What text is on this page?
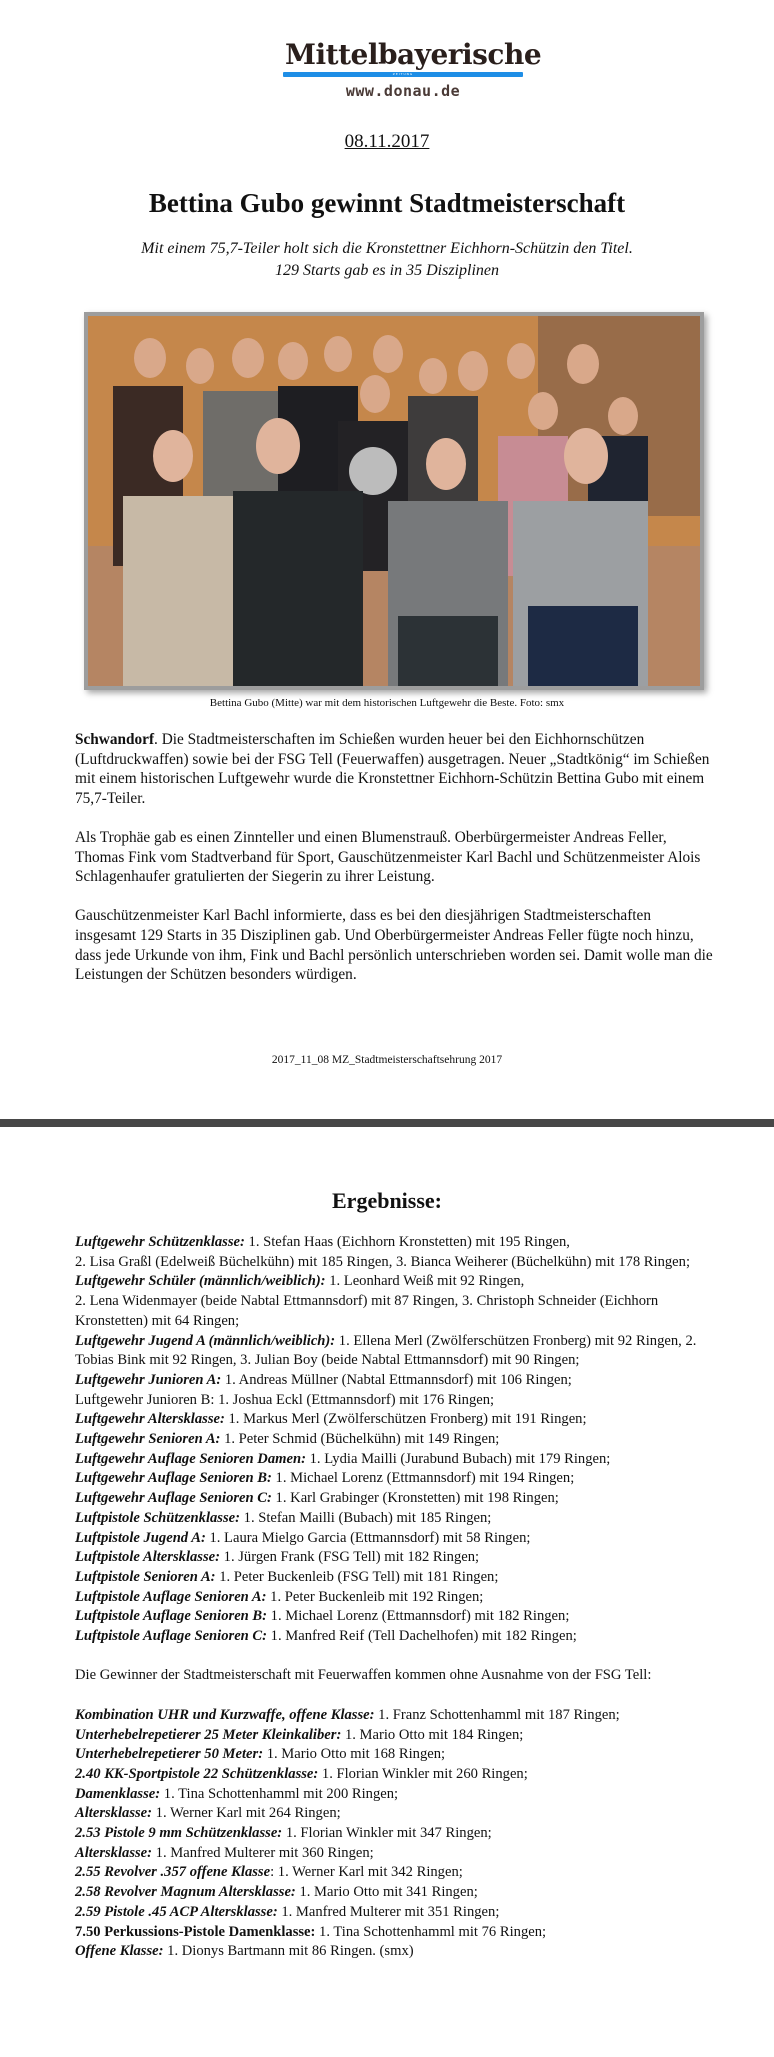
Mittelbayerische
ZEITUNG
www.donau.de
08.11.2017
Bettina Gubo gewinnt Stadtmeisterschaft
Mit einem 75,7-Teiler holt sich die Kronstettner Eichhorn-Schützin den Titel.
129 Starts gab es in 35 Disziplinen
Bettina Gubo (Mitte) war mit dem historischen Luftgewehr die Beste. Foto: smx

Schwandorf. Die Stadtmeisterschaften im Schießen wurden heuer bei den Eichhornschützen (Luftdruckwaffen) sowie bei der FSG Tell (Feuerwaffen) ausgetragen. Neuer „Stadtkönig“ im Schießen mit einem historischen Luftgewehr wurde die Kronstettner Eichhorn-Schützin Bettina Gubo mit einem 75,7-Teiler.

Als Trophäe gab es einen Zinnteller und einen Blumenstrauß. Oberbürgermeister Andreas Feller, Thomas Fink vom Stadtverband für Sport, Gauschützenmeister Karl Bachl und Schützenmeister Alois Schlagenhaufer gratulierten der Siegerin zu ihrer Leistung.

Gauschützenmeister Karl Bachl informierte, dass es bei den diesjährigen Stadtmeisterschaften insgesamt 129 Starts in 35 Disziplinen gab. Und Oberbürgermeister Andreas Feller fügte noch hinzu, dass jede Urkunde von ihm, Fink und Bachl persönlich unterschrieben worden sei. Damit wolle man die Leistungen der Schützen besonders würdigen.

2017_11_08 MZ_Stadtmeisterschaftsehrung 2017
Ergebnisse:

Luftgewehr Schützenklasse: 1. Stefan Haas (Eichhorn Kronstetten) mit 195 Ringen,
2. Lisa Graßl (Edelweiß Büchelkühn) mit 185 Ringen, 3. Bianca Weiherer (Büchelkühn) mit 178 Ringen;

Luftgewehr Schüler (männlich/weiblich): 1. Leonhard Weiß mit 92 Ringen,
2. Lena Widenmayer (beide Nabtal Ettmannsdorf) mit 87 Ringen, 3. Christoph Schneider (Eichhorn Kronstetten) mit 64 Ringen;

Luftgewehr Jugend A (männlich/weiblich): 1. Ellena Merl (Zwölferschützen Fronberg) mit 92 Ringen, 2. Tobias Bink mit 92 Ringen, 3. Julian Boy (beide Nabtal Ettmannsdorf) mit 90 Ringen;

Luftgewehr Junioren A: 1. Andreas Müllner (Nabtal Ettmannsdorf) mit 106 Ringen;

Luftgewehr Junioren B: 1. Joshua Eckl (Ettmannsdorf) mit 176 Ringen;

Luftgewehr Altersklasse: 1. Markus Merl (Zwölferschützen Fronberg) mit 191 Ringen;

Luftgewehr Senioren A: 1. Peter Schmid (Büchelkühn) mit 149 Ringen;

Luftgewehr Auflage Senioren Damen: 1. Lydia Mailli (Jurabund Bubach) mit 179 Ringen;

Luftgewehr Auflage Senioren B: 1. Michael Lorenz (Ettmannsdorf) mit 194 Ringen;

Luftgewehr Auflage Senioren C: 1. Karl Grabinger (Kronstetten) mit 198 Ringen;

Luftpistole Schützenklasse: 1. Stefan Mailli (Bubach) mit 185 Ringen;

Luftpistole Jugend A: 1. Laura Mielgo Garcia (Ettmannsdorf) mit 58 Ringen;

Luftpistole Altersklasse: 1. Jürgen Frank (FSG Tell) mit 182 Ringen;

Luftpistole Senioren A: 1. Peter Buckenleib (FSG Tell) mit 181 Ringen;

Luftpistole Auflage Senioren A: 1. Peter Buckenleib mit 192 Ringen;

Luftpistole Auflage Senioren B: 1. Michael Lorenz (Ettmannsdorf) mit 182 Ringen;

Luftpistole Auflage Senioren C: 1. Manfred Reif (Tell Dachelhofen) mit 182 Ringen;

Die Gewinner der Stadtmeisterschaft mit Feuerwaffen kommen ohne Ausnahme von der FSG Tell:

Kombination UHR und Kurzwaffe, offene Klasse: 1. Franz Schottenhamml mit 187 Ringen;

Unterhebelrepetierer 25 Meter Kleinkaliber: 1. Mario Otto mit 184 Ringen;

Unterhebelrepetierer 50 Meter: 1. Mario Otto mit 168 Ringen;

2.40 KK-Sportpistole 22 Schützenklasse: 1. Florian Winkler mit 260 Ringen;

Damenklasse: 1. Tina Schottenhamml mit 200 Ringen;

Altersklasse: 1. Werner Karl mit 264 Ringen;

2.53 Pistole 9 mm Schützenklasse: 1. Florian Winkler mit 347 Ringen;

Altersklasse: 1. Manfred Multerer mit 360 Ringen;

2.55 Revolver .357 offene Klasse: 1. Werner Karl mit 342 Ringen;

2.58 Revolver Magnum Altersklasse: 1. Mario Otto mit 341 Ringen;

2.59 Pistole .45 ACP Altersklasse: 1. Manfred Multerer mit 351 Ringen;

7.50 Perkussions-Pistole Damenklasse: 1. Tina Schottenhamml mit 76 Ringen;

Offene Klasse: 1. Dionys Bartmann mit 86 Ringen. (smx)
